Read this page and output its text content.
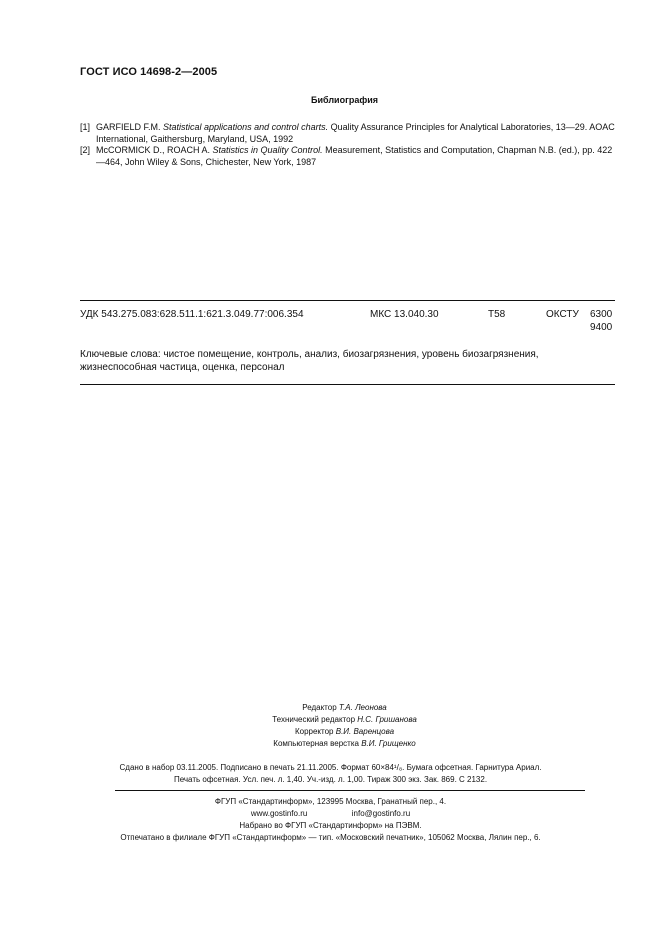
ГОСТ ИСО 14698-2—2005
Библиография
[1] GARFIELD F.M. Statistical applications and control charts. Quality Assurance Principles for Analytical Laboratories, 13—29. AOAC International, Gaithersburg, Maryland, USA, 1992
[2] McCORMICK D., ROACH A. Statistics in Quality Control. Measurement, Statistics and Computation, Chapman N.B. (ed.), pp. 422 —464, John Wiley & Sons, Chichester, New York, 1987
УДК 543.275.083:628.511.1:621.3.049.77:006.354	МКС 13.040.30	Т58	ОКСТУ 6300
9400
Ключевые слова: чистое помещение, контроль, анализ, биозагрязнения, уровень биозагрязнения, жизнеспособная частица, оценка, персонал
Редактор Т.А. Леонова
Технический редактор Н.С. Гришанова
Корректор В.И. Варенцова
Компьютерная верстка В.И. Грищенко
Сдано в набор 03.11.2005. Подписано в печать 21.11.2005. Формат 60×84¹/₈. Бумага офсетная. Гарнитура Ариал.
Печать офсетная. Усл. печ. л. 1,40. Уч.-изд. л. 1,00. Тираж 300 экз. Зак. 869. С 2132.
ФГУП «Стандартинформ», 123995 Москва, Гранатный пер., 4.
www.gostinfo.ru	info@gostinfo.ru
Набрано во ФГУП «Стандартинформ» на ПЭВМ.
Отпечатано в филиале ФГУП «Стандартинформ» — тип. «Московский печатник», 105062 Москва, Лялин пер., 6.
